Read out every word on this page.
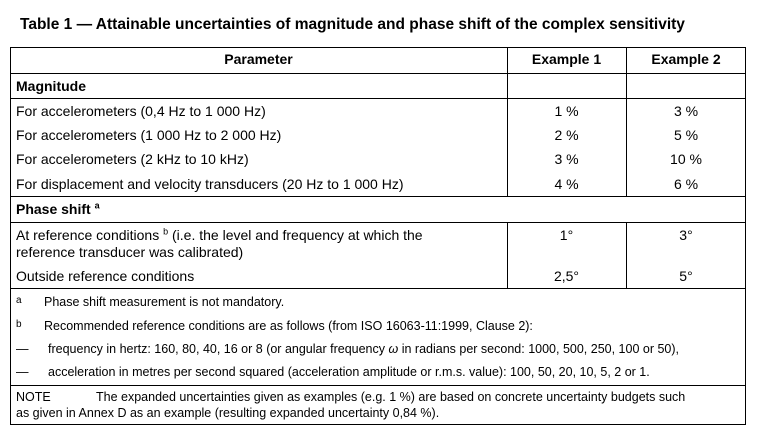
Table 1 — Attainable uncertainties of magnitude and phase shift of the complex sensitivity
Parameter	Example 1	Example 2
Magnitude
For accelerometers (0,4 Hz to 1 000 Hz)	1 %	3 %
For accelerometers (1 000 Hz to 2 000 Hz)	2 %	5 %
For accelerometers (2 kHz to 10 kHz)	3 %	10 %
For displacement and velocity transducers (20 Hz to 1 000 Hz)	4 %	6 %
Phase shift $^a$
At reference conditions $^b$ (i.e. the level and frequency at which the
reference transducer was calibrated)
1°	3°
Outside reference conditions	2,5°	5°
a Phase shift measurement is not mandatory.
b Recommended reference conditions are as follows (from ISO 16063-11:1999, Clause 2):
— frequency in hertz: 160, 80, 40, 16 or 8 (or angular frequency ω in radians per second: 1000, 500, 250, 100 or 50),
— acceleration in metres per second squared (acceleration amplitude or r.m.s. value): 100, 50, 20, 10, 5, 2 or 1.
NOTE	The expanded uncertainties given as examples (e.g. 1 %) are based on concrete uncertainty budgets such
as given in Annex D as an example (resulting expanded uncertainty 0,84 %).
